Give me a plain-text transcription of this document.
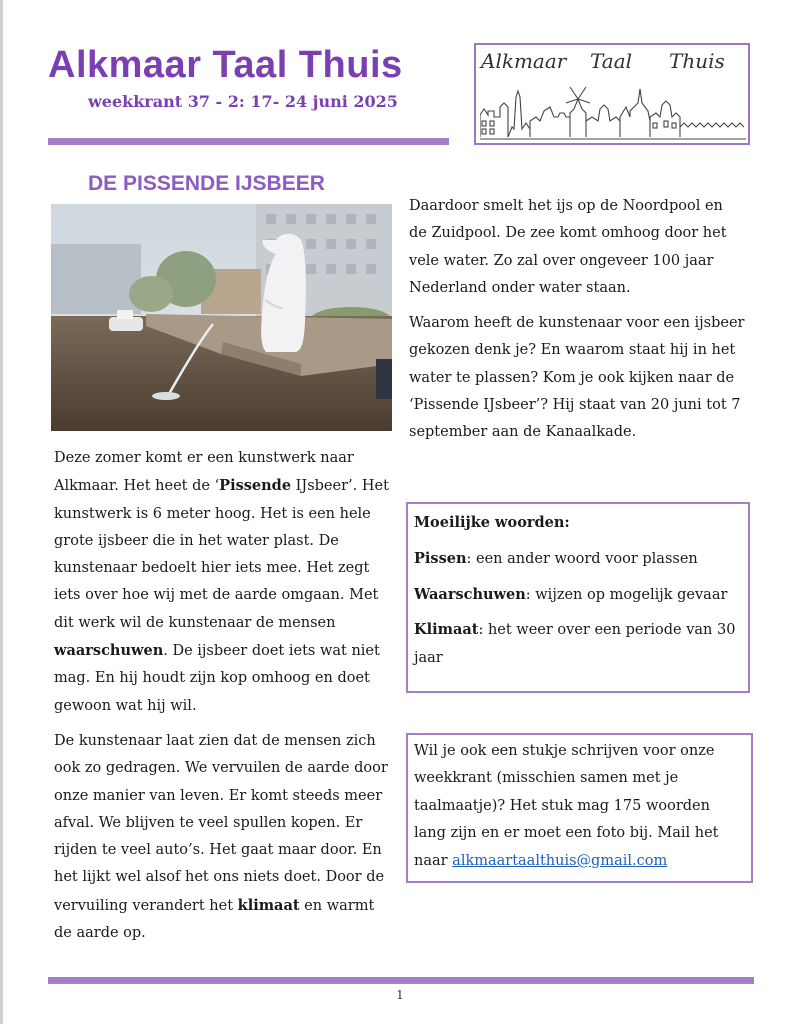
Alkmaar Taal Thuis
weekkrant 37 - 2: 17- 24 juni 2025
Alkmaar Taal Thuis
DE PISSENDE IJSBEER

Deze zomer komt er een kunstwerk naar Alkmaar. Het heet de ‘Pissende IJsbeer’. Het kunstwerk is 6 meter hoog. Het is een hele grote ijsbeer die in het water plast. De kunstenaar bedoelt hier iets mee. Het zegt iets over hoe wij met de aarde omgaan. Met dit werk wil de kunstenaar de mensen waarschuwen. De ijsbeer doet iets wat niet mag. En hij houdt zijn kop omhoog en doet gewoon wat hij wil.

De kunstenaar laat zien dat de mensen zich ook zo gedragen. We vervuilen de aarde door onze manier van leven. Er komt steeds meer afval. We blijven te veel spullen kopen. Er rijden te veel auto’s. Het gaat maar door. En het lijkt wel alsof het ons niets doet. Door de vervuiling verandert het klimaat en warmt de aarde op.

Daardoor smelt het ijs op de Noordpool en de Zuidpool. De zee komt omhoog door het vele water. Zo zal over ongeveer 100 jaar Nederland onder water staan.

Waarom heeft de kunstenaar voor een ijsbeer gekozen denk je? En waarom staat hij in het water te plassen? Kom je ook kijken naar de ‘Pissende IJsbeer’? Hij staat van 20 juni tot 7 september aan de Kanaalkade.

Moeilijke woorden:
Pissen: een ander woord voor plassen
Waarschuwen: wijzen op mogelijk gevaar
Klimaat: het weer over een periode van 30 jaar
Wil je ook een stukje schrijven voor onze weekkrant (misschien samen met je taalmaatje)? Het stuk mag 175 woorden lang zijn en er moet een foto bij. Mail het naar alkmaartaalthuis@gmail.com
1
